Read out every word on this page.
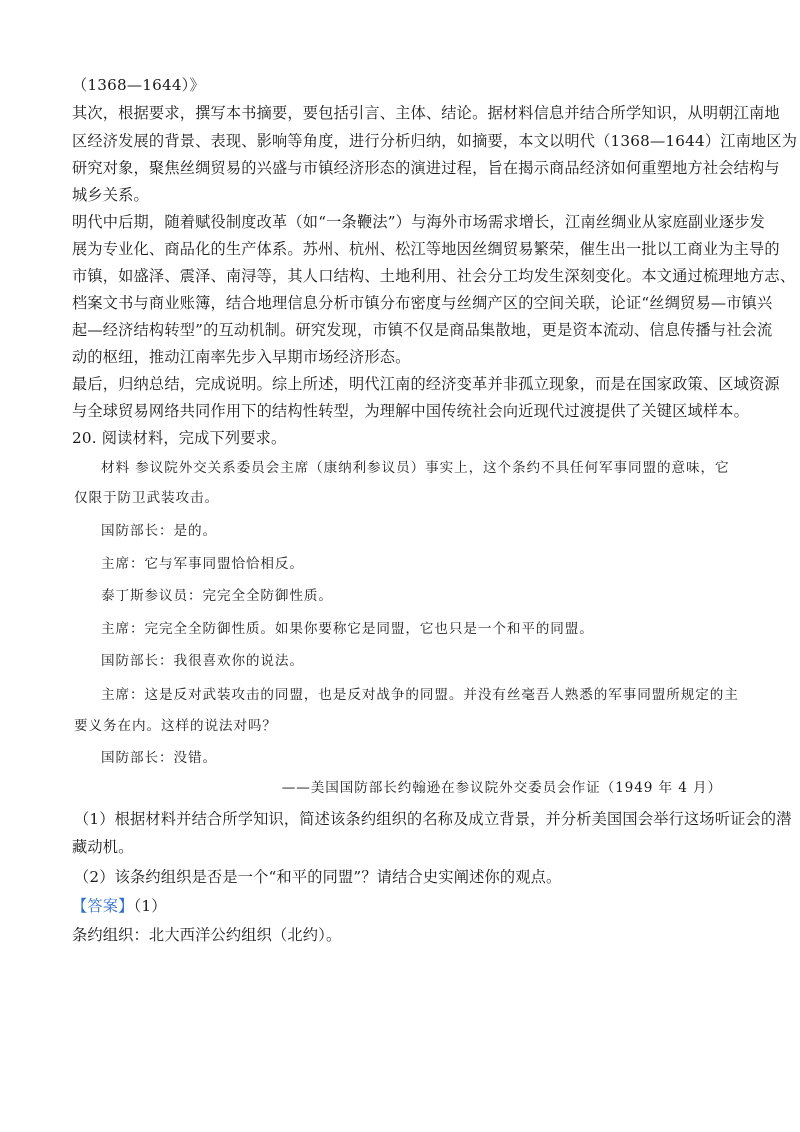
（1368—1644）》
其次，根据要求，撰写本书摘要，要包括引言、主体、结论。据材料信息并结合所学知识，从明朝江南地
区经济发展的背景、表现、影响等角度，进行分析归纳，如摘要，本文以明代（1368—1644）江南地区为
研究对象，聚焦丝绸贸易的兴盛与市镇经济形态的演进过程，旨在揭示商品经济如何重塑地方社会结构与
城乡关系。
明代中后期，随着赋役制度改革（如“一条鞭法”）与海外市场需求增长，江南丝绸业从家庭副业逐步发
展为专业化、商品化的生产体系。苏州、杭州、松江等地因丝绸贸易繁荣，催生出一批以工商业为主导的
市镇，如盛泽、震泽、南浔等，其人口结构、土地利用、社会分工均发生深刻变化。本文通过梳理地方志、
档案文书与商业账簿，结合地理信息分析市镇分布密度与丝绸产区的空间关联，论证“丝绸贸易—市镇兴
起—经济结构转型”的互动机制。研究发现，市镇不仅是商品集散地，更是资本流动、信息传播与社会流
动的枢纽，推动江南率先步入早期市场经济形态。
最后，归纳总结，完成说明。综上所述，明代江南的经济变革并非孤立现象，而是在国家政策、区域资源
与全球贸易网络共同作用下的结构性转型，为理解中国传统社会向近现代过渡提供了关键区域样本。
20. 阅读材料，完成下列要求。
材料 参议院外交关系委员会主席（康纳利参议员）事实上，这个条约不具任何军事同盟的意味，它
仅限于防卫武装攻击。
国防部长：是的。
主席：它与军事同盟恰恰相反。
泰丁斯参议员：完完全全防御性质。
主席：完完全全防御性质。如果你要称它是同盟，它也只是一个和平的同盟。
国防部长：我很喜欢你的说法。
主席：这是反对武装攻击的同盟，也是反对战争的同盟。并没有丝毫吾人熟悉的军事同盟所规定的主
要义务在内。这样的说法对吗？
国防部长：没错。
——美国国防部长约翰逊在参议院外交委员会作证（1949 年 4 月）
（1）根据材料并结合所学知识，简述该条约组织的名称及成立背景，并分析美国国会举行这场听证会的潜
藏动机。
（2）该条约组织是否是一个“和平的同盟”？请结合史实阐述你的观点。
【答案】（1）
条约组织：北大西洋公约组织（北约）。
